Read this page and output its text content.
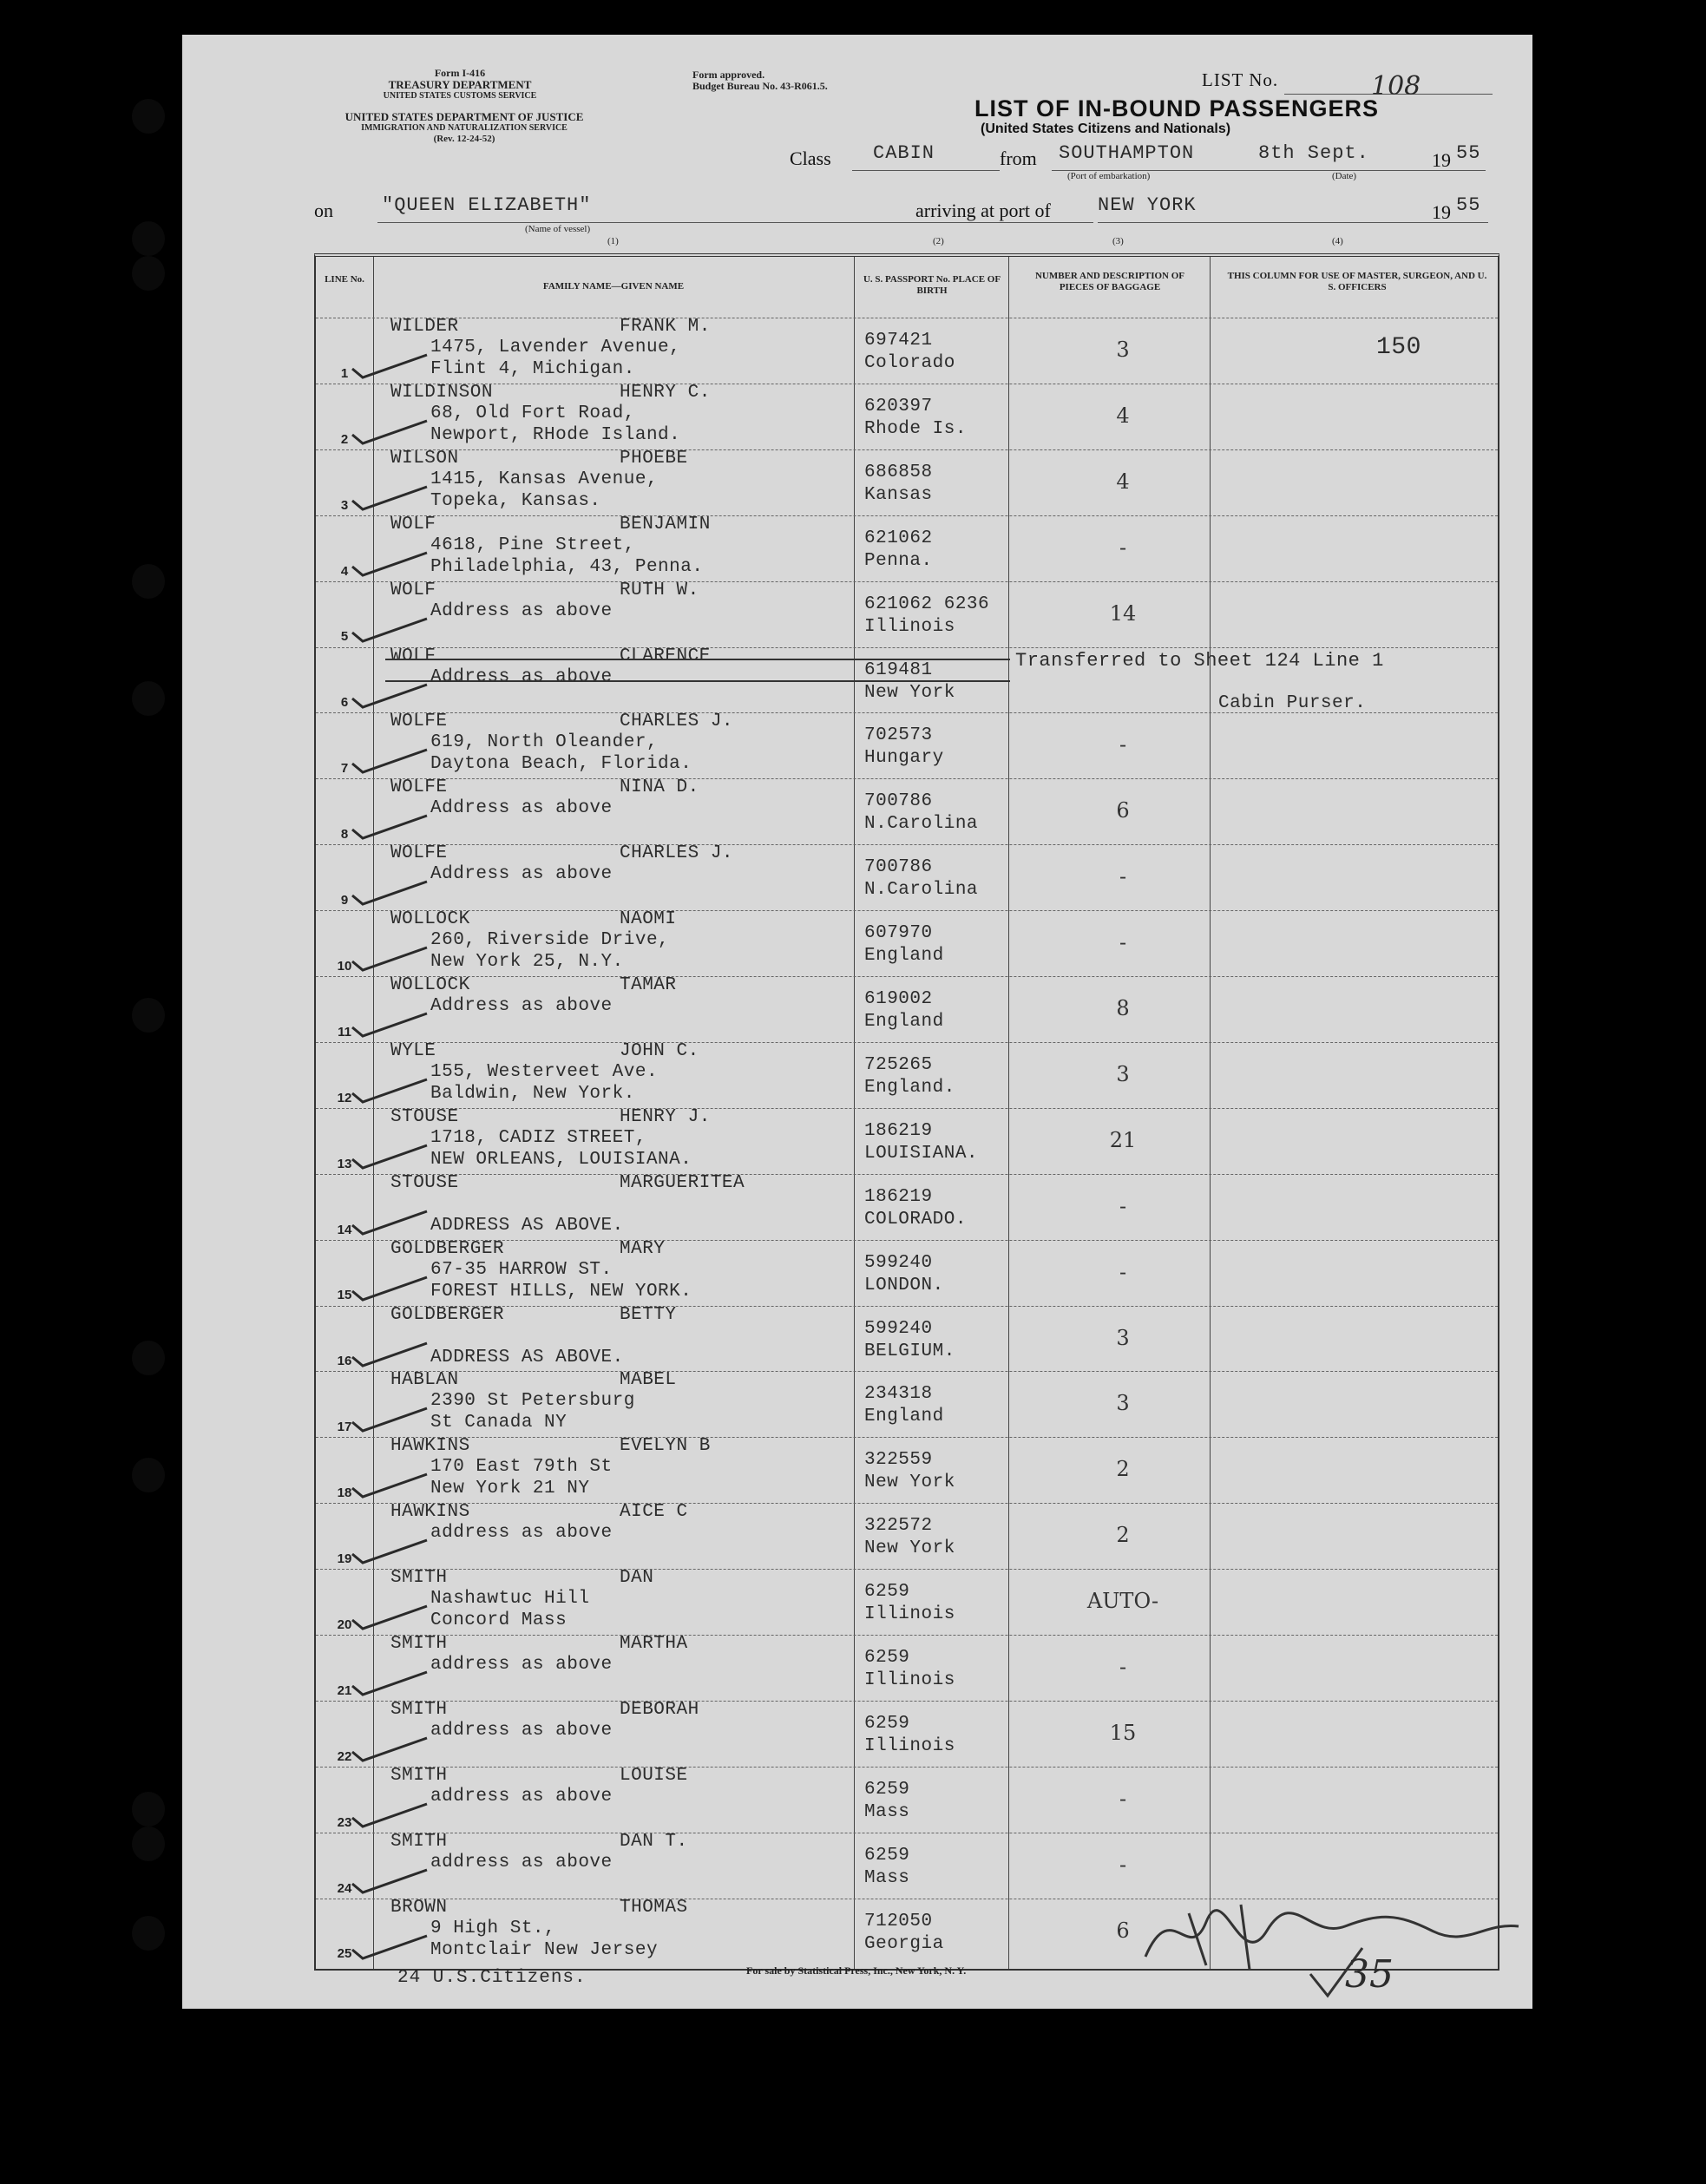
Form I-416
TREASURY DEPARTMENT
UNITED STATES CUSTOMS SERVICE
UNITED STATES DEPARTMENT OF JUSTICE
IMMIGRATION AND NATURALIZATION SERVICE
(Rev. 12-24-52)
Form approved.
Budget Bureau No. 43-R061.5.	LIST No.	108
LIST OF IN-BOUND PASSENGERS
(United States Citizens and Nationals)
Class CABIN	from SOUTHAMPTON	8th Sept.	19 55
(Port of embarkation)	(Date)
on	"QUEEN ELIZABETH"
(Name of vessel)
arriving at port of NEW YORK	19 55
(1)	(2)	(3)	(4)
LINE No.
FAMILY NAME—GIVEN NAME
U. S. PASSPORT No. PLACE OF BIRTH
NUMBER AND DESCRIPTION OF PIECES OF BAGGAGE
THIS COLUMN FOR USE OF MASTER, SURGEON, AND U. S. OFFICERS
1
WILDER	FRANK M.
1475, Lavender Avenue,
Flint 4, Michigan.
697421
Colorado
3	150
2
WILDINSON	HENRY C.
68, Old Fort Road,
Newport, RHode Island.
620397
Rhode Is.
4
3
WILSON	PHOEBE
1415, Kansas Avenue,
Topeka, Kansas.
686858
Kansas
4
4
WOLF	BENJAMIN
4618, Pine Street,
Philadelphia, 43, Penna.
621062
Penna.
-
5
WOLF	RUTH W.
Address as above	621062 6236
Illinois
14
6
WOLF	CLARENCE
Address as above	619481
New York
Transferred to Sheet 124 Line 1
Cabin Purser.
7
WOLFE	CHARLES J.
619, North Oleander,
Daytona Beach, Florida.
702573
Hungary
-
8
WOLFE	NINA D.
Address as above	700786
N.Carolina
6
9
WOLFE	CHARLES J.
Address as above	700786
N.Carolina
-
10
WOLLOCK	NAOMI
260, Riverside Drive,
New York 25, N.Y.
607970
England
-
11
WOLLOCK	TAMAR
Address as above	619002
England
8
12
WYLE	JOHN C.
155, Westerveet Ave.
Baldwin, New York.
725265
England.
3
13
STOUSE	HENRY J.
1718, CADIZ STREET,
NEW ORLEANS, LOUISIANA.
186219
LOUISIANA.
21
14
STOUSE	MARGUERITEA
ADDRESS AS ABOVE.
186219
COLORADO.
-
15
GOLDBERGER	MARY
67-35 HARROW ST.
FOREST HILLS, NEW YORK.
599240
LONDON.
-
16
GOLDBERGER	BETTY
ADDRESS AS ABOVE.
599240
BELGIUM.
3
17
HABLAN	MABEL
2390 St Petersburg
St Canada NY
234318
England
3
18
HAWKINS	EVELYN B
170 East 79th St
New York 21 NY
322559
New York
2
19
HAWKINS	AICE C
address as above	322572
New York
2
20
SMITH	DAN
Nashawtuc Hill
Concord Mass
6259
Illinois
AUTO-
21
SMITH	MARTHA
address as above	6259
Illinois
-
22
SMITH	DEBORAH
address as above	6259
Illinois
15
23
SMITH	LOUISE
address as above	6259
Mass
-
24
SMITH	DAN T.
address as above	6259
Mass
-
25
BROWN	THOMAS
9 High St.,
Montclair New Jersey
712050
Georgia
6
35
24 U.S.Citizens.	For sale by Statistical Press, Inc., New York, N. Y.
